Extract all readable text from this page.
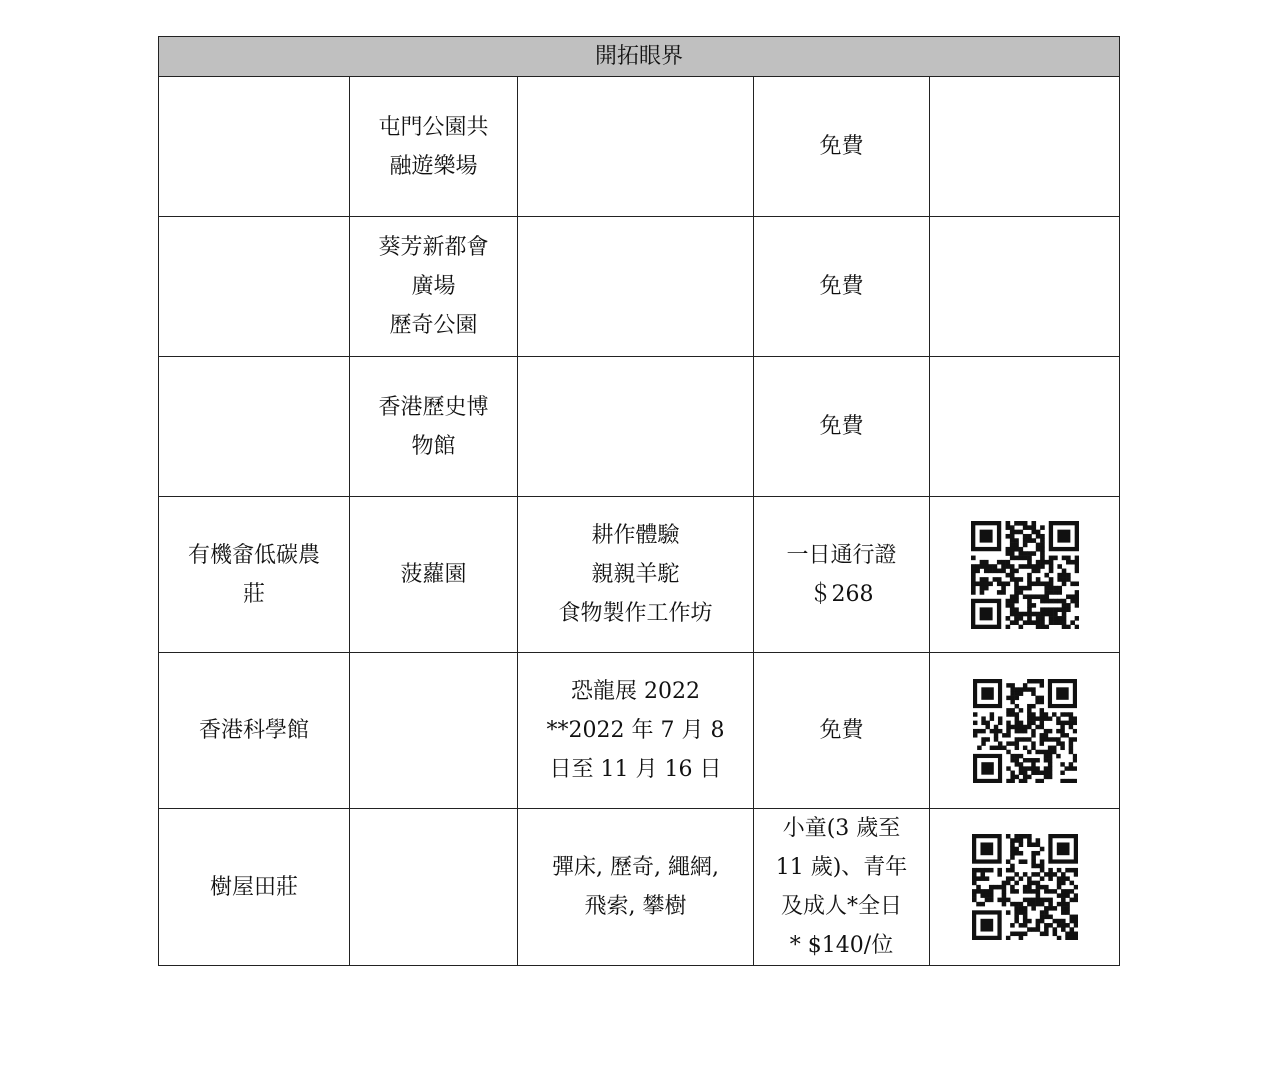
開拓眼界				

	屯門公園共
融遊樂場		免費	

	葵芳新都會
廣場
歷奇公園		免費	

	香港歷史博
物館		免費	

有機畲低碳農
莊	菠蘿園	耕作體驗
親親羊駝
食物製作工作坊	一日通行證
＄268

香港科學館		恐龍展 2022
**2022 年 7 月 8
日至 11 月 16 日	免費

樹屋田莊		彈床, 歷奇, 繩網,
飛索, 攀樹	小童(3 歲至
11 歲)、青年
及成人*全日
* $140/位
